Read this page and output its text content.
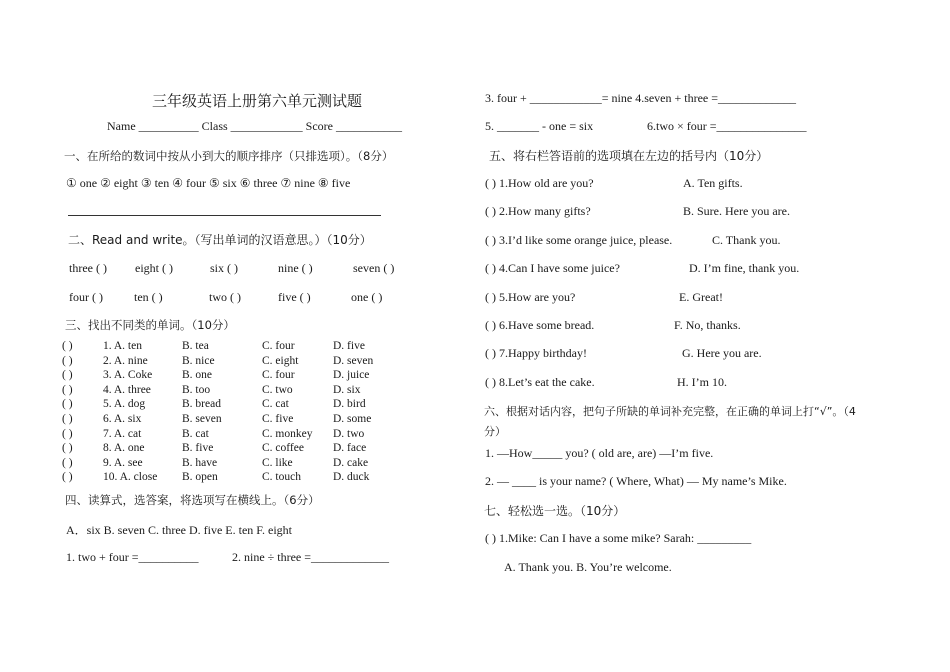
三年级英语上册第六单元测试题
Name __________ Class ____________ Score ___________
一、在所给的数词中按从小到大的顺序排序（只排选项）。（8分）
① one ② eight ③ ten ④ four ⑤ six ⑥ three ⑦ nine ⑧ five
二、Read and write。（写出单词的汉语意思。）（10分）
three ( ) eight ( )	six ( )	nine ( )	seven ( )
four ( )	ten ( )	two ( )	five ( )	one ( )
三、找出不同类的单词。（10分）
( )	1. A. ten	B. tea	C. four	D. five
( )	2. A. nine	B. nice	C. eight	D. seven
( )	3. A. Coke	B. one	C. four	D. juice
( )	4. A. three	B. too	C. two	D. six
( )	5. A. dog	B. bread	C. cat	D. bird
( )	6. A. six	B. seven	C. five	D. some
( )	7. A. cat	B. cat	C. monkey D. two
( )	8. A. one	B. five	C. coffee	D. face
( )	9. A. see	B. have	C. like	D. cake
( )	10. A. close B. open	C. touch	D. duck
四、读算式，选答案，将选项写在横线上。（6分）
A．six B. seven C. three D. five E. ten F. eight
1. two + four =__________	2. nine ÷ three =_____________
3. four + ____________= nine 4.seven + three =_____________
5. _______ - one = six	6.two × four =_______________
五、将右栏答语前的选项填在左边的括号内（10分）
( ) 1.How old are you?	A. Ten gifts.
( ) 2.How many gifts?	B. Sure. Here you are.
( ) 3.I’d like some orange juice, please.	C. Thank you.
( ) 4.Can I have some juice?	D. I’m fine, thank you.
( ) 5.How are you?	E. Great!
( ) 6.Have some bread.	F. No, thanks.
( ) 7.Happy birthday!	G. Here you are.
( ) 8.Let’s eat the cake.	H. I’m 10.
六、根据对话内容，把句子所缺的单词补充完整，在正确的单词上打“√”。（4
分）
1. —How_____ you? ( old are, are) —I’m five.
2. — ____ is your name? ( Where, What) — My name’s Mike.
七、轻松选一选。（10分）
( ) 1.Mike: Can I have a some mike? Sarah: _________
A. Thank you. B. You’re welcome.
